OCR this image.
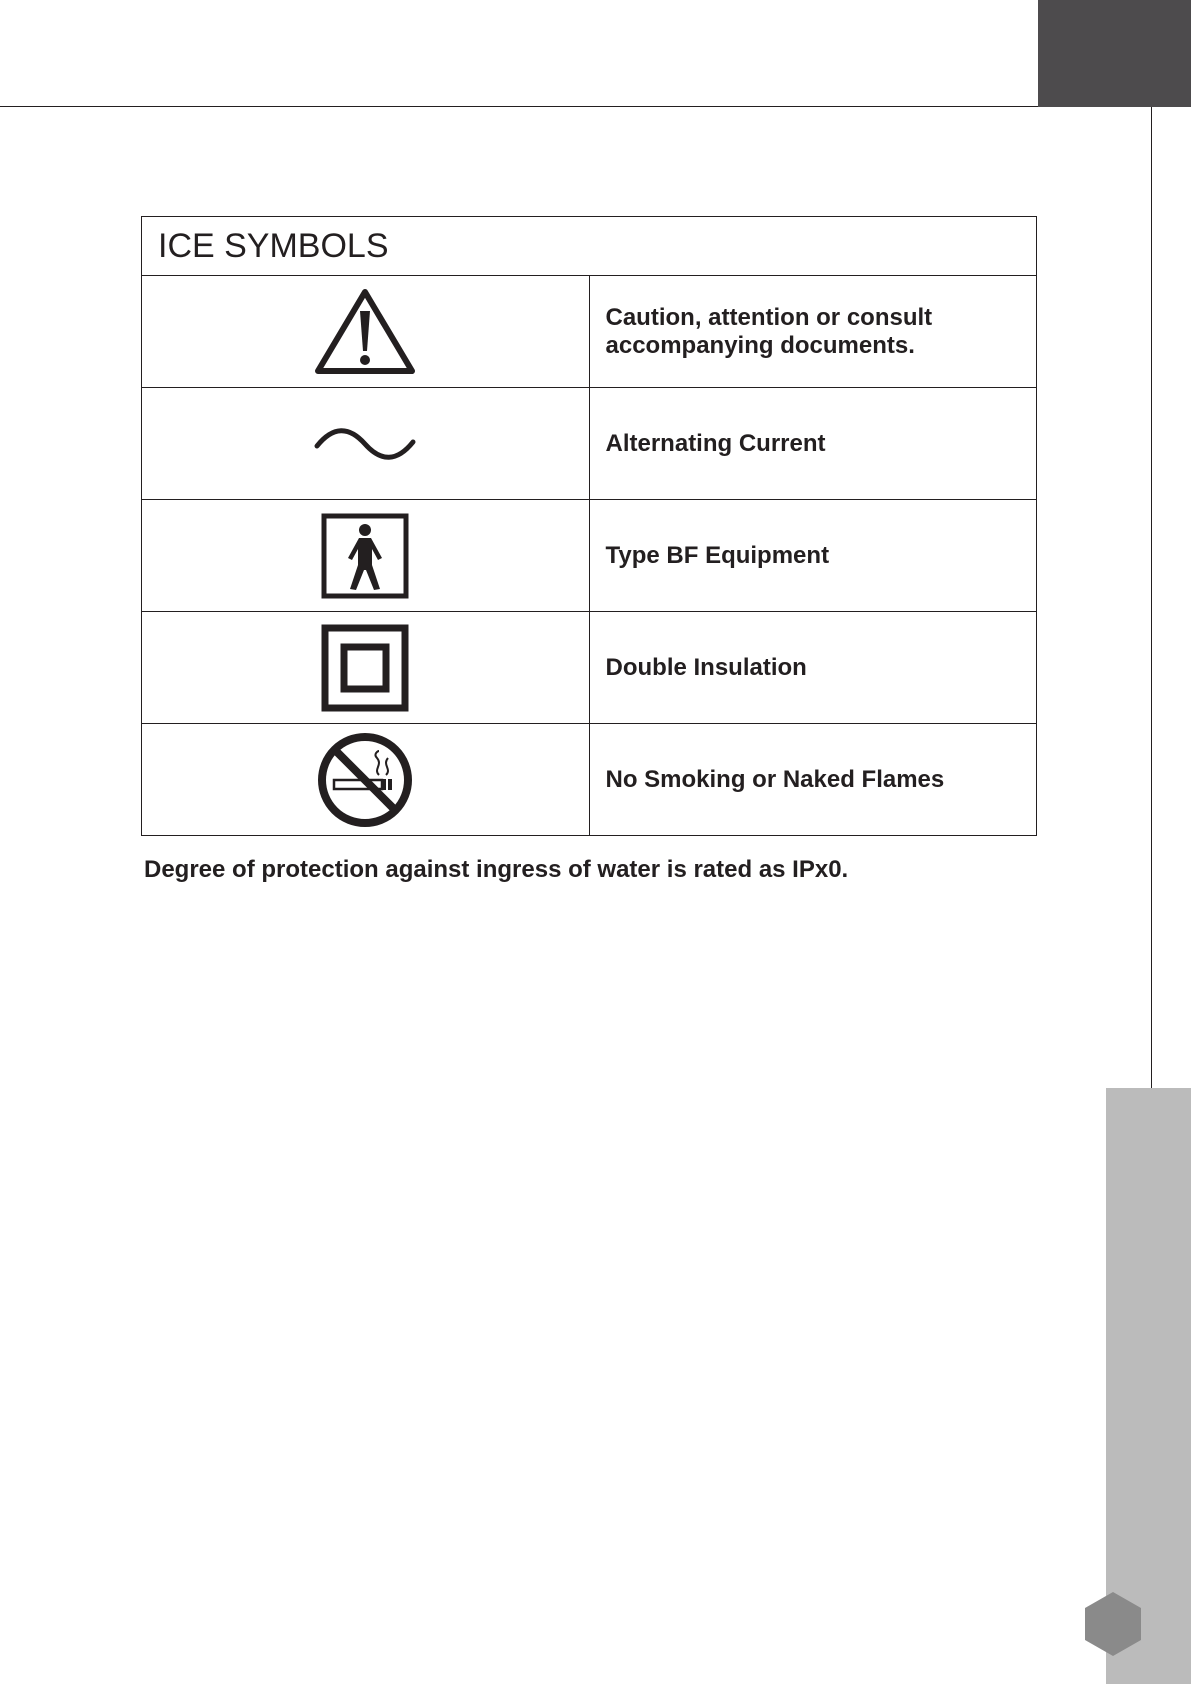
ICE SYMBOLS	

	Caution, attention or consult accompanying documents.

	Alternating Current

	Type BF Equipment

	Double Insulation

	No Smoking or Naked Flames
Degree of protection against ingress of water is rated as IPx0.
